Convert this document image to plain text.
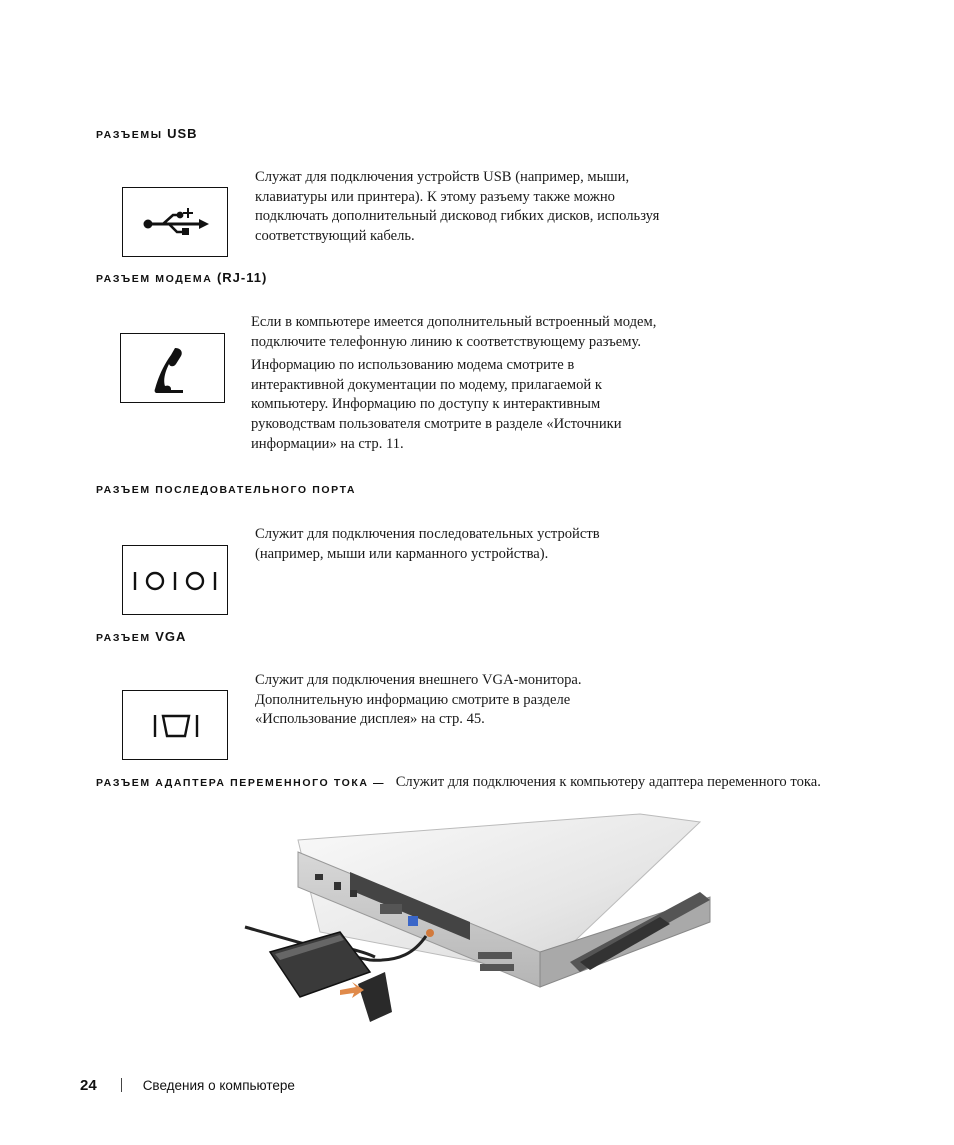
РАЗЪЕМЫ USB

Служат для подключения устройств USB (например, мыши, клавиатуры или принтера). К этому разъему также можно подключать дополнительный дисковод гибких дисков, используя соответствующий кабель.

РАЗЪЕМ МОДЕМА (RJ-11)

Если в компьютере имеется дополнительный встроенный модем, подключите телефонную линию к соответствующему разъему.

Информацию по использованию модема смотрите в интерактивной документации по модему, прилагаемой к компьютеру. Информацию по доступу к интерактивным руководствам пользователя смотрите в разделе «Источники информации» на стр. 11.

РАЗЪЕМ ПОСЛЕДОВАТЕЛЬНОГО ПОРТА

Служит для подключения последовательных устройств (например, мыши или карманного устройства).

РАЗЪЕМ VGA

Служит для подключения внешнего VGA-монитора. Дополнительную информацию смотрите в разделе «Использование дисплея» на стр. 45.

РАЗЪЕМ АДАПТЕРА ПЕРЕМЕННОГО ТОКА — Служит для подключения к компьютеру адаптера переменного тока.
24	Сведения о компьютере
